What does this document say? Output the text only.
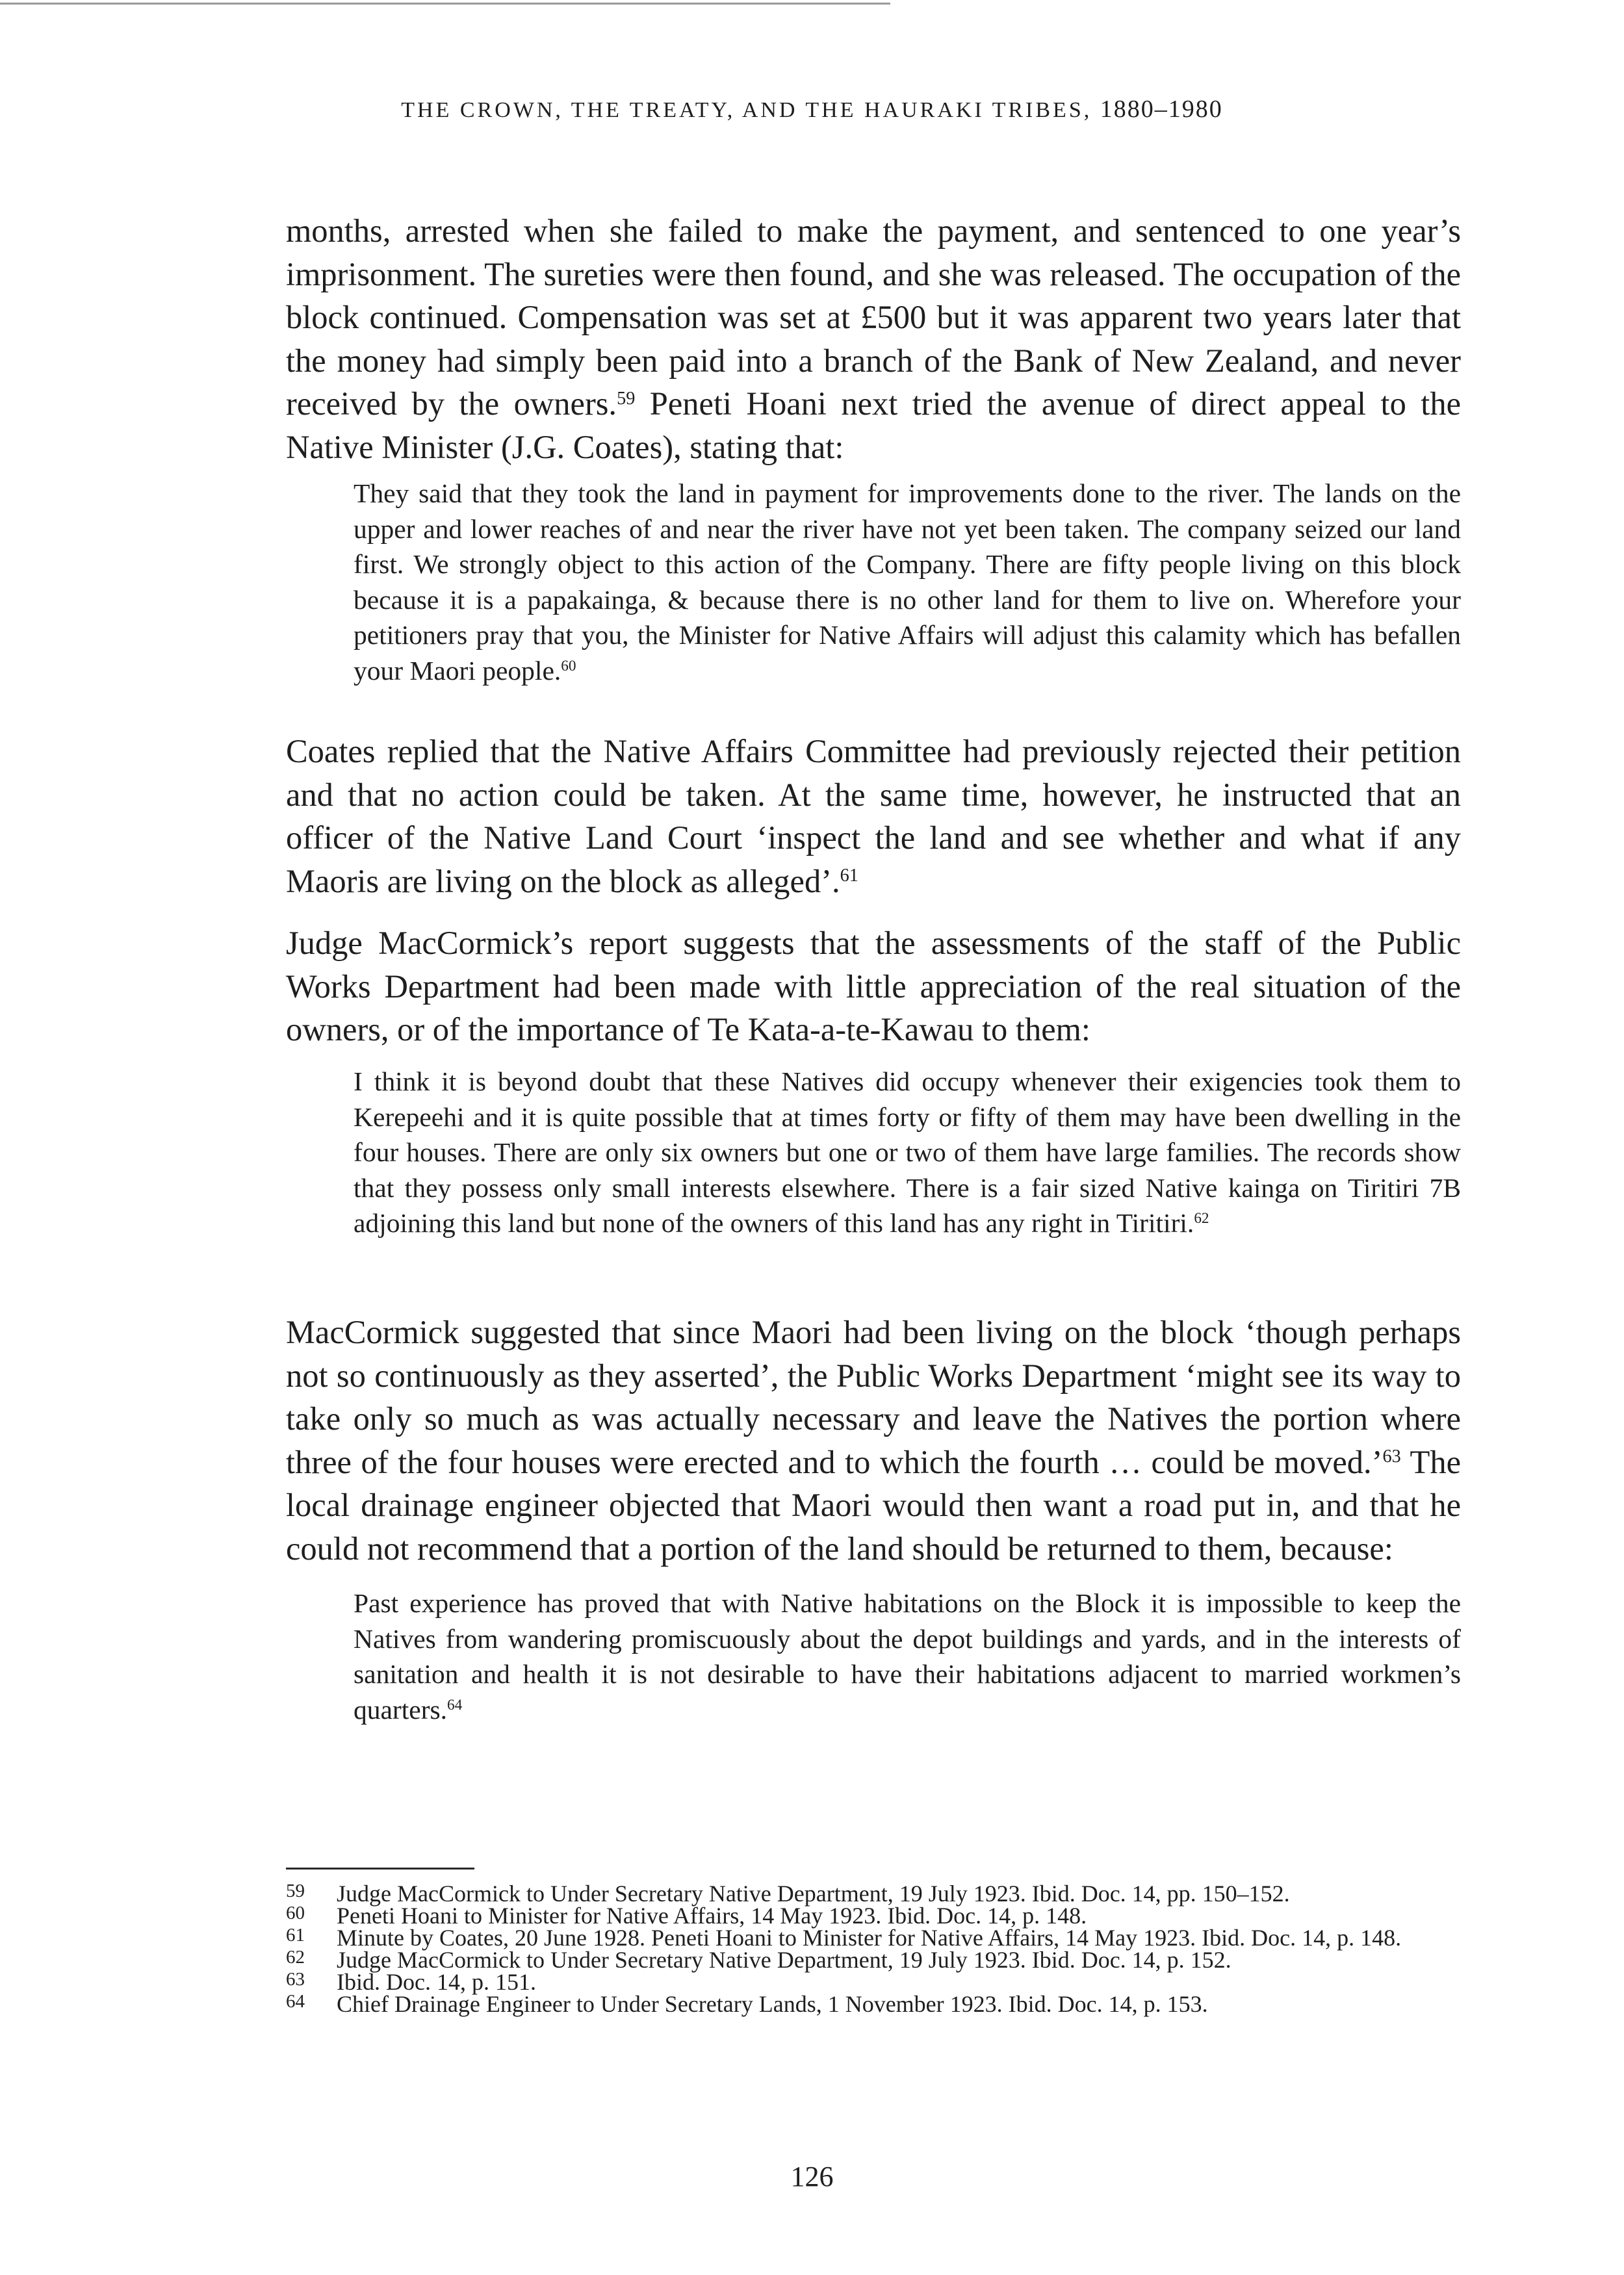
THE CROWN, THE TREATY, AND THE HAURAKI TRIBES, 1880–1980

months, arrested when she failed to make the payment, and sentenced to one year’s imprisonment. The sureties were then found, and she was released. The occupation of the block continued. Compensation was set at £500 but it was apparent two years later that the money had simply been paid into a branch of the Bank of New Zealand, and never received by the owners.$^{59}$ Peneti Hoani next tried the avenue of direct appeal to the Native Minister (J.G. Coates), stating that:

They said that they took the land in payment for improvements done to the river. The lands on the upper and lower reaches of and near the river have not yet been taken. The company seized our land first. We strongly object to this action of the Company. There are fifty people living on this block because it is a papakainga, & because there is no other land for them to live on. Wherefore your petitioners pray that you, the Minister for Native Affairs will adjust this calamity which has befallen your Maori people.$^{60}$

Coates replied that the Native Affairs Committee had previously rejected their petition and that no action could be taken. At the same time, however, he instructed that an officer of the Native Land Court ‘inspect the land and see whether and what if any Maoris are living on the block as alleged’.$^{61}$

Judge MacCormick’s report suggests that the assessments of the staff of the Public Works Department had been made with little appreciation of the real situation of the owners, or of the importance of Te Kata-a-te-Kawau to them:

I think it is beyond doubt that these Natives did occupy whenever their exigencies took them to Kerepeehi and it is quite possible that at times forty or fifty of them may have been dwelling in the four houses. There are only six owners but one or two of them have large families. The records show that they possess only small interests elsewhere. There is a fair sized Native kainga on Tiritiri 7B adjoining this land but none of the owners of this land has any right in Tiritiri.$^{62}$

MacCormick suggested that since Maori had been living on the block ‘though perhaps not so continuously as they asserted’, the Public Works Department ‘might see its way to take only so much as was actually necessary and leave the Natives the portion where three of the four houses were erected and to which the fourth … could be moved.’$^{63}$ The local drainage engineer objected that Maori would then want a road put in, and that he could not recommend that a portion of the land should be returned to them, because:

Past experience has proved that with Native habitations on the Block it is impossible to keep the Natives from wandering promiscuously about the depot buildings and yards, and in the interests of sanitation and health it is not desirable to have their habitations adjacent to married workmen’s quarters.$^{64}$

59	Judge MacCormick to Under Secretary Native Department, 19 July 1923. Ibid. Doc. 14, pp. 150–152.
60	Peneti Hoani to Minister for Native Affairs, 14 May 1923. Ibid. Doc. 14, p. 148.
61	Minute by Coates, 20 June 1928. Peneti Hoani to Minister for Native Affairs, 14 May 1923. Ibid. Doc. 14, p. 148.
62	Judge MacCormick to Under Secretary Native Department, 19 July 1923. Ibid. Doc. 14, p. 152.
63	Ibid. Doc. 14, p. 151.
64	Chief Drainage Engineer to Under Secretary Lands, 1 November 1923. Ibid. Doc. 14, p. 153.
126
